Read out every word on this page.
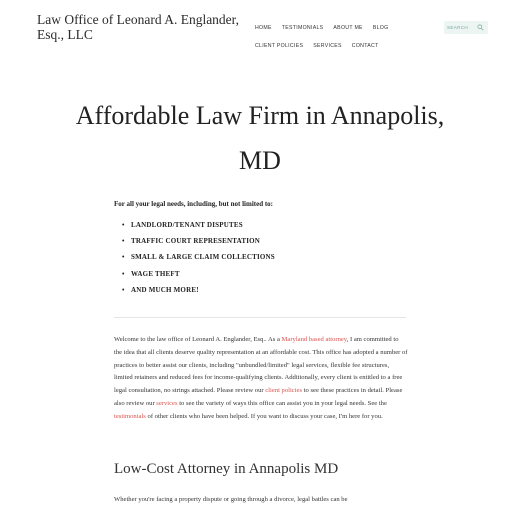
Law Office of Leonard A. Englander, Esq., LLC	HOME TESTIMONIALS ABOUT ME BLOG CLIENT POLICIES SERVICES CONTACT
SEARCH
Affordable Law Firm in Annapolis, MD
For all your legal needs, including, but not limited to:
• LANDLORD/TENANT DISPUTES
• TRAFFIC COURT REPRESENTATION
• SMALL & LARGE CLAIM COLLECTIONS
• WAGE THEFT
• AND MUCH MORE!

Welcome to the law office of Leonard A. Englander, Esq.. As a Maryland based attorney, I am committed to the idea that all clients deserve quality representation at an affordable cost. This office has adopted a number of practices to better assist our clients, including "unbundled/limited" legal services, flexible fee structures, limited retainers and reduced fees for income-qualifying clients. Additionally, every client is entitled to a free legal consultation, no strings attached. Please review our client policies to see these practices in detail. Please also review our services to see the variety of ways this office can assist you in your legal needs. See the testimonials of other clients who have been helped. If you want to discuss your case, I'm here for you.

Low-Cost Attorney in Annapolis MD

Whether you're facing a property dispute or going through a divorce, legal battles can be
